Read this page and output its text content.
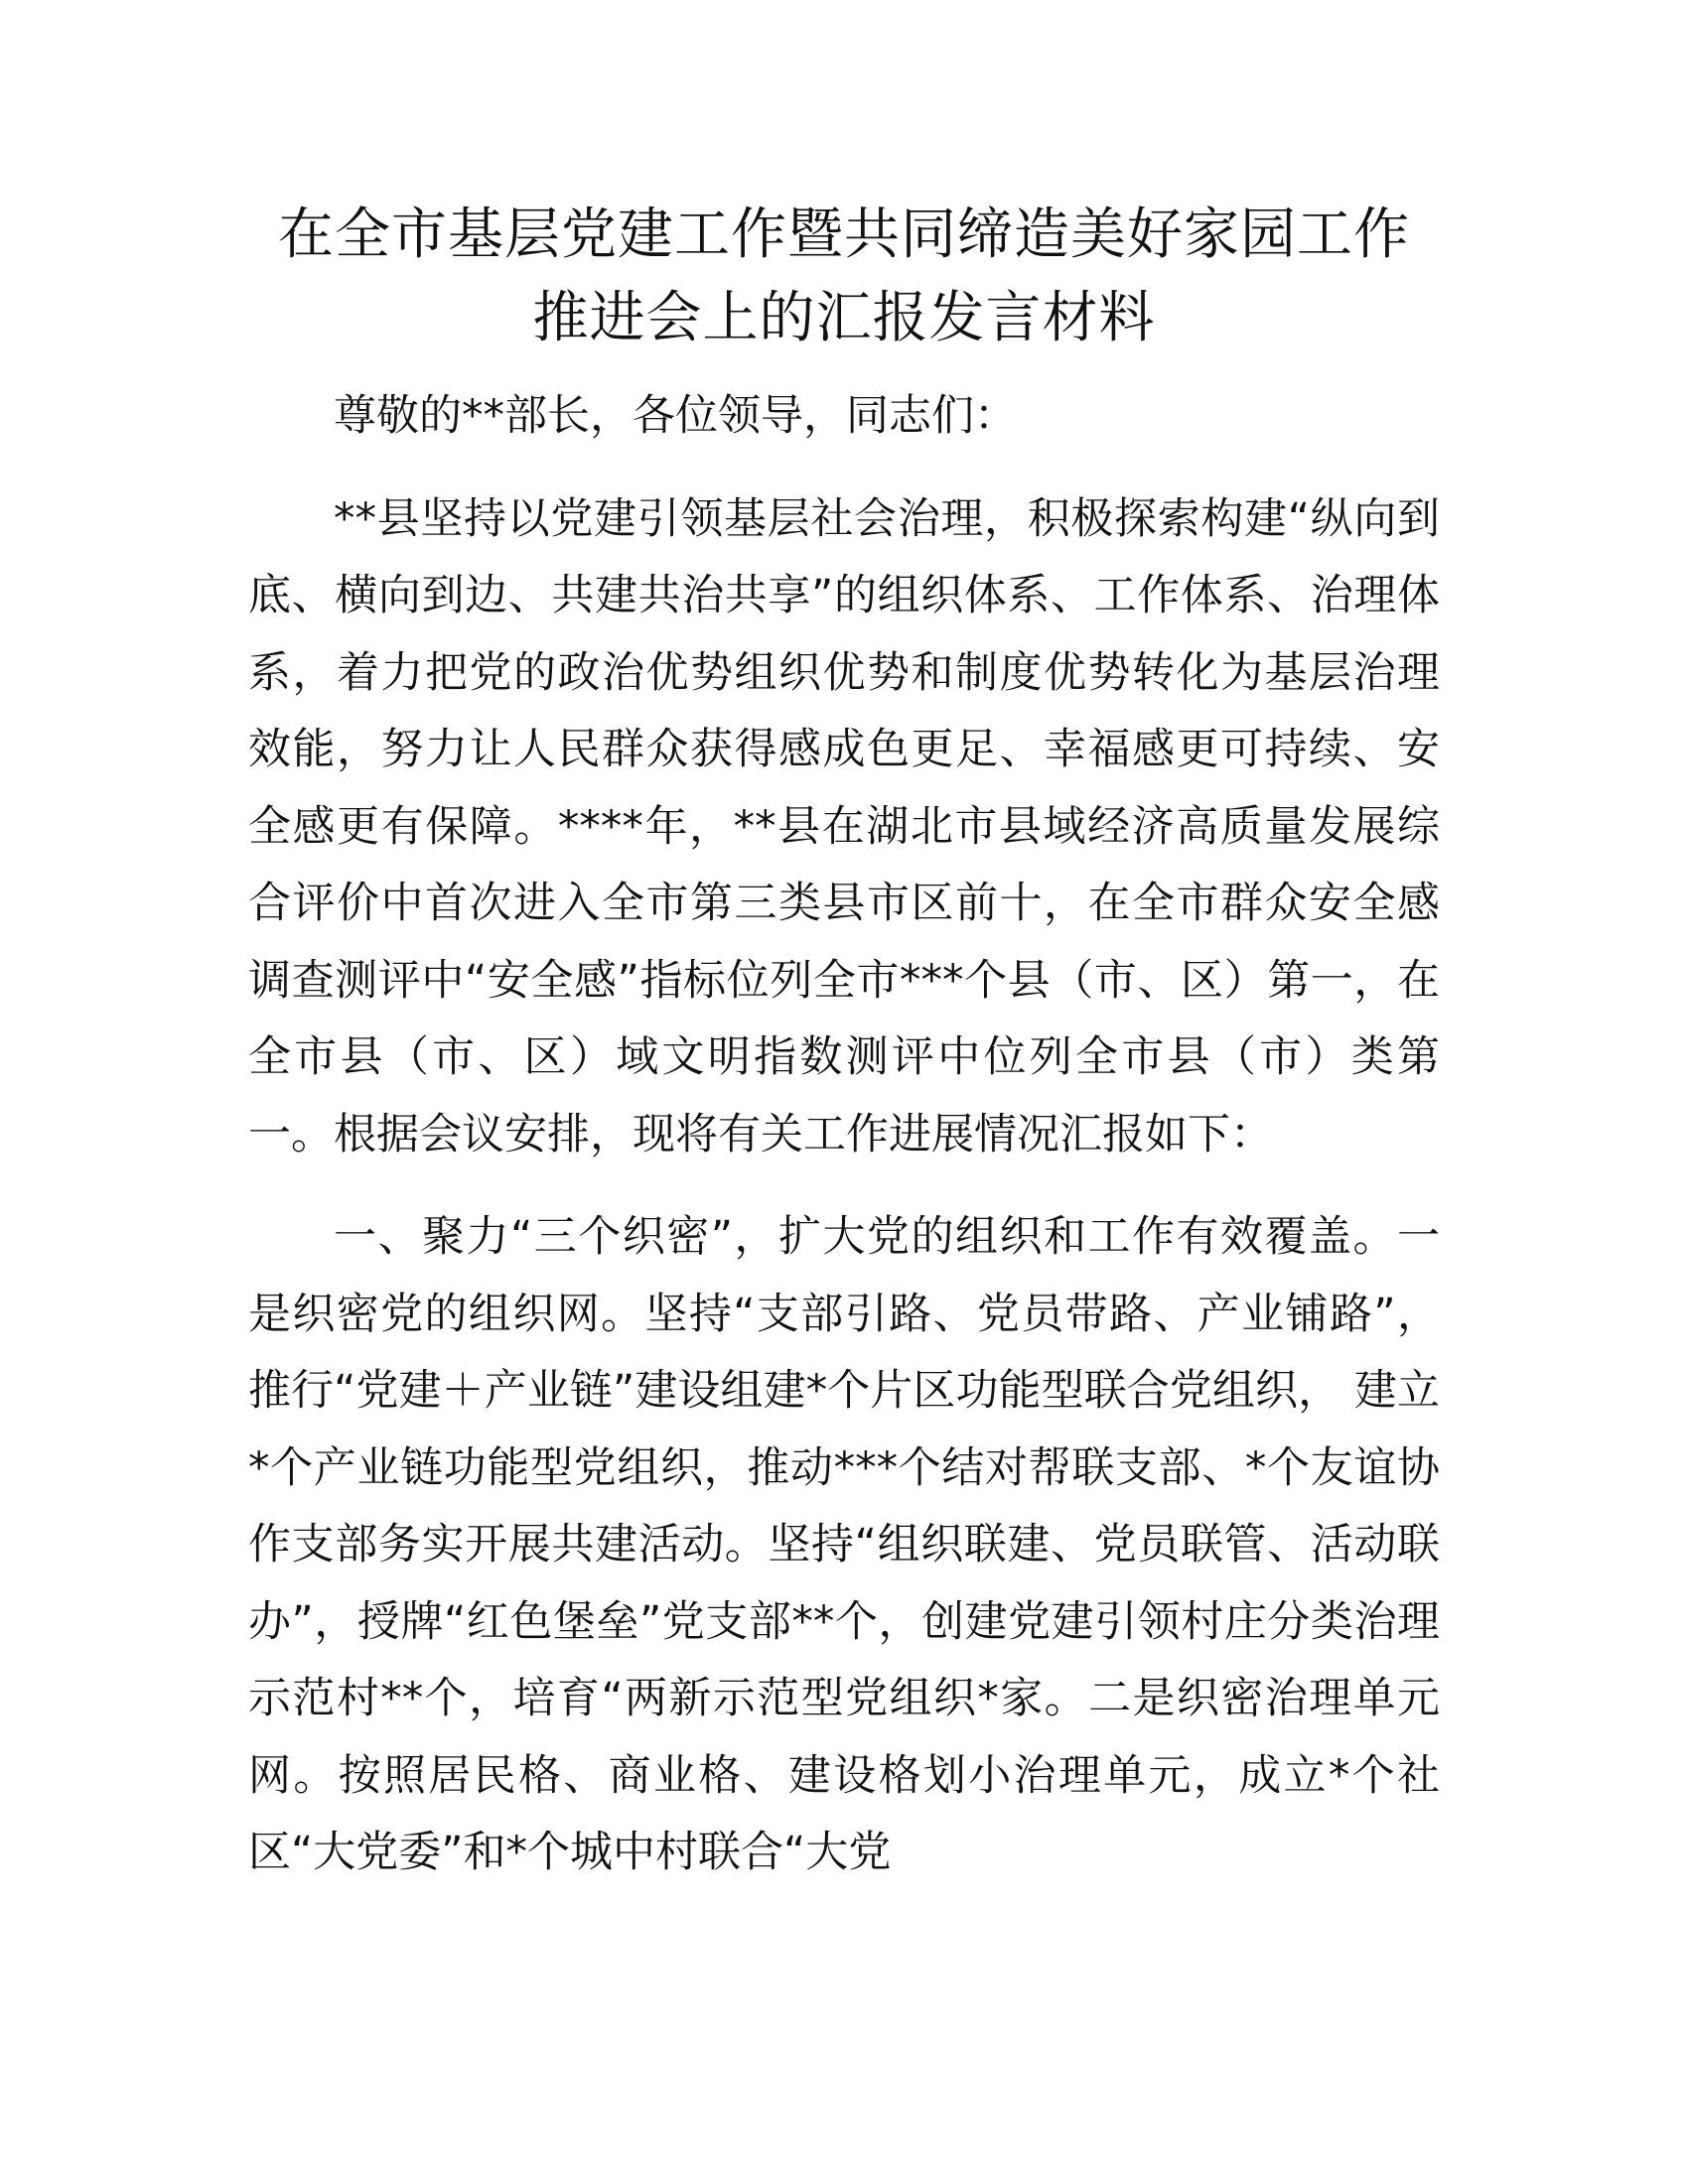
在全市基层党建工作暨共同缔造美好家园工作
推进会上的汇报发言材料

尊敬的**部长，各位领导，同志们：

**县坚持以党建引领基层社会治理，积极探索构建“纵向到底、横向到边、共建共治共享”的组织体系、工作体系、治理体系，着力把党的政治优势组织优势和制度优势转化为基层治理效能，努力让人民群众获得感成色更足、幸福感更可持续、安全感更有保障。****年，**县在湖北市县域经济高质量发展综合评价中首次进入全市第三类县市区前十，在全市群众安全感调查测评中“安全感”指标位列全市***个县（市、区）第一，在全市县（市、区）域文明指数测评中位列全市县（市）类第一。根据会议安排，现将有关工作进展情况汇报如下：

一、聚力“三个织密”，扩大党的组织和工作有效覆盖。一是织密党的组织网。坚持“支部引路、党员带路、产业铺路”，推行“党建＋产业链”建设组建*个片区功能型联合党组织， 建立*个产业链功能型党组织，推动***个结对帮联支部、*个友谊协作支部务实开展共建活动。坚持“组织联建、党员联管、活动联办”，授牌“红色堡垒”党支部**个，创建党建引领村庄分类治理示范村**个，培育“两新示范型党组织*家。二是织密治理单元网。按照居民格、商业格、建设格划小治理单元，成立*个社区“大党委”和*个城中村联合“大党
